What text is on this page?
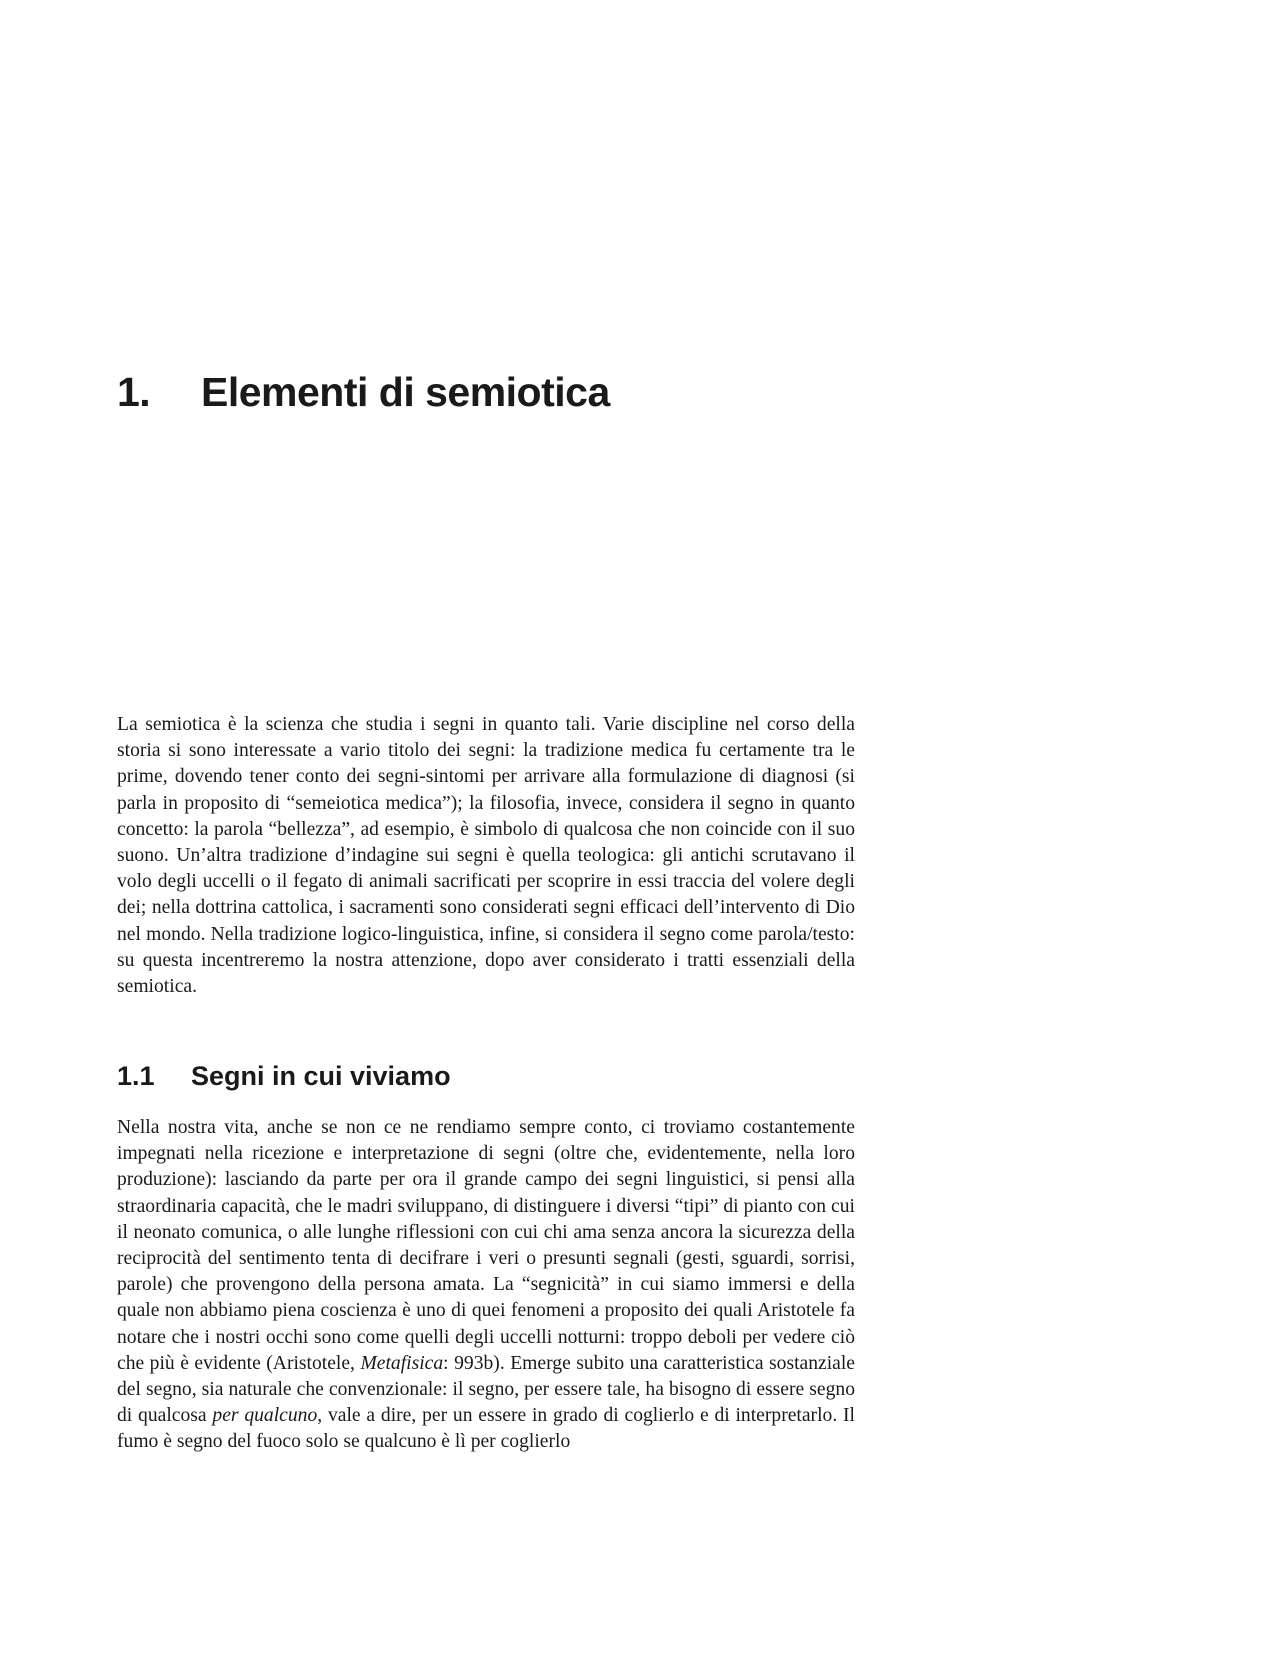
1. Elementi di semiotica

La semiotica è la scienza che studia i segni in quanto tali. Varie discipline nel corso della storia si sono interessate a vario titolo dei segni: la tradizione medica fu certamente tra le prime, dovendo tener conto dei segni-sintomi per arrivare alla formulazione di diagnosi (si parla in proposito di “semeiotica medica”); la filosofia, invece, considera il segno in quanto concetto: la parola “bellezza”, ad esempio, è simbolo di qualcosa che non coincide con il suo suono. Un’altra tradizione d’indagine sui segni è quella teologica: gli antichi scrutavano il volo degli uccelli o il fegato di animali sacrificati per scoprire in essi traccia del volere degli dei; nella dottrina cattolica, i sacramenti sono considerati segni efficaci dell’intervento di Dio nel mondo. Nella tradizione logico-linguistica, infine, si considera il segno come parola/testo: su questa incentreremo la nostra attenzione, dopo aver considerato i tratti essenziali della semiotica.

1.1 Segni in cui viviamo

Nella nostra vita, anche se non ce ne rendiamo sempre conto, ci troviamo costantemente impegnati nella ricezione e interpretazione di segni (oltre che, evidentemente, nella loro produzione): lasciando da parte per ora il grande campo dei segni linguistici, si pensi alla straordinaria capacità, che le madri sviluppano, di distinguere i diversi “tipi” di pianto con cui il neonato comunica, o alle lunghe riflessioni con cui chi ama senza ancora la sicurezza della reciprocità del sentimento tenta di decifrare i veri o presunti segnali (gesti, sguardi, sorrisi, parole) che provengono della persona amata. La “segnicità” in cui siamo immersi e della quale non abbiamo piena coscienza è uno di quei fenomeni a proposito dei quali Aristotele fa notare che i nostri occhi sono come quelli degli uccelli notturni: troppo deboli per vedere ciò che più è evidente (Aristotele, Metafisica: 993b). Emerge subito una caratteristica sostanziale del segno, sia naturale che convenzionale: il segno, per essere tale, ha bisogno di essere segno di qualcosa per qualcuno, vale a dire, per un essere in grado di coglierlo e di interpretarlo. Il fumo è segno del fuoco solo se qualcuno è lì per coglierlo
